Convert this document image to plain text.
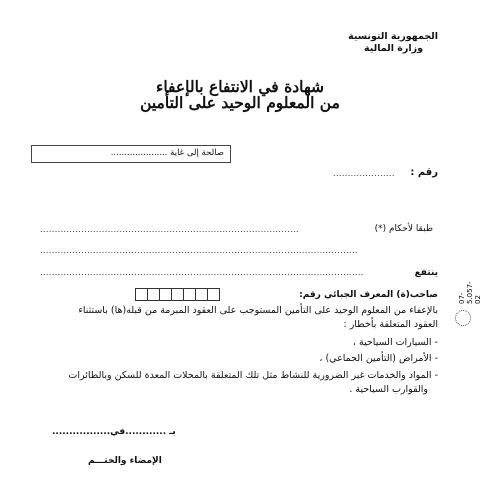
الجمهورية التونسية
وزارة المالية
شهادة في الانتفاع بالإعفاء
من المعلوم الوحيد على التأمين
صالحة إلى غاية .....................
رقم :
.....................
طبقا لأحكام (*)
........................................................................................
............................................................................................................
ينتفع
..............................................................................................................
صاحب(ة) المعرف الجبائي رقم:
بالإعفاء من المعلوم الوحيد على التأمين المستوجب على العقود المبرمة من قبله(ها) باستثناء
العقود المتعلقة بأخطار :
- السيارات السياحية ،
- الأمراض (التأمين الجماعي) ،
- المواد والخدمات غير الضرورية للنشاط مثل تلك المتعلقة بالمحلات المعدة للسكن وبالطائرات
والقوارب السياحية .
07-5.057-02
بـ ............في.................
الإمضاء والختـــم
